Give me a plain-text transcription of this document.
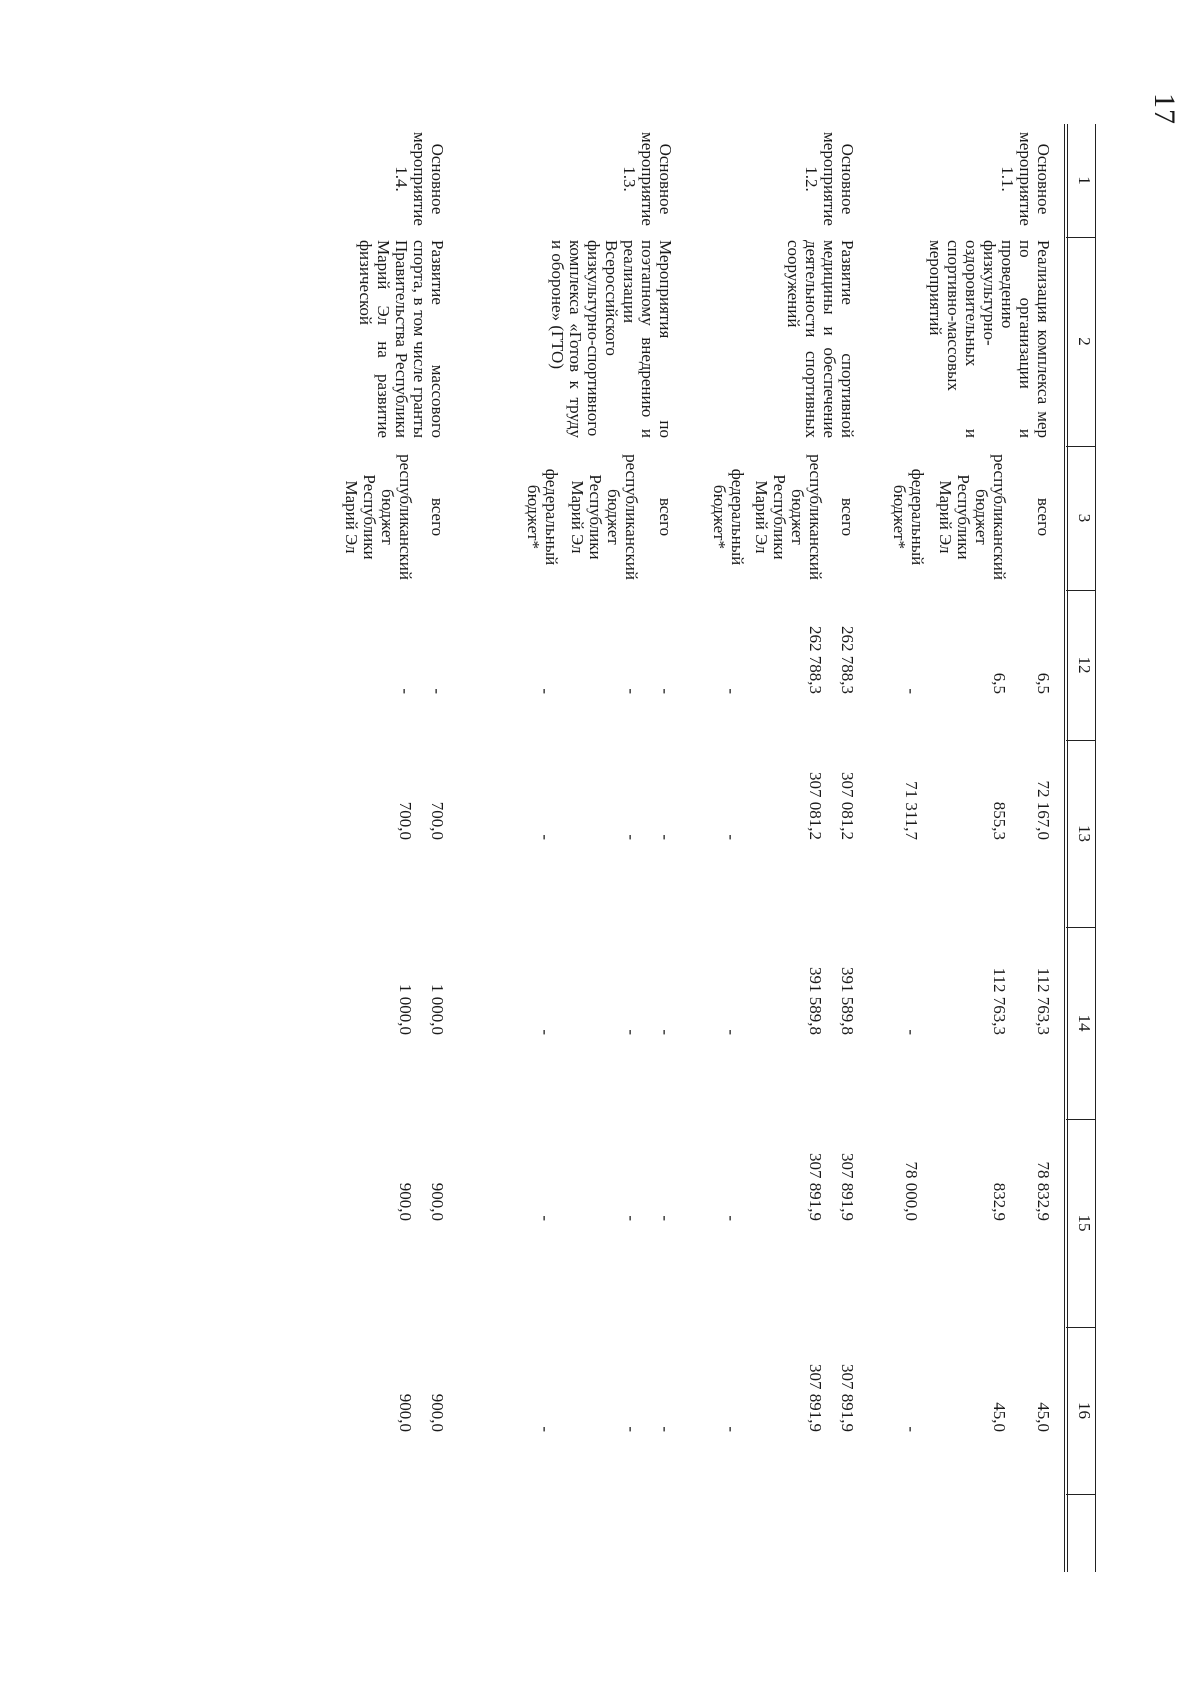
17
1
2
3
12
13
14
15
16
Основное мероприятие 1.1.
Реализация комплекса мер по организации и проведению физкультурно-оздоровительных и спортивно-массовых мероприятий
всего
6,5
72 167,0
112 763,3
78 832,9
45,0
республиканский бюджет Республики Марий Эл
6,5
855,3
112 763,3
832,9
45,0
федеральный бюджет*
-
71 311,7
-
78 000,0
-
Основное мероприятие 1.2.
Развитие спортивной медицины и обеспечение деятельности спортивных сооружений
всего
262 788,3
307 081,2
391 589,8
307 891,9
307 891,9
республиканский бюджет Республики Марий Эл
262 788,3
307 081,2
391 589,8
307 891,9
307 891,9
федеральный бюджет*
-
-
-
-
-
Основное мероприятие 1.3.
Мероприятия по поэтапному внедрению и реализации Всероссийского физкультурно-спортивного комплекса «Готов к труду и обороне» (ГТО)
всего
-
-
-
-
-
республиканский бюджет Республики Марий Эл
-
-
-
-
-
федеральный бюджет*
-
-
-
-
-
Основное мероприятие 1.4.
Развитие массового спорта, в том числе гранты Правительства Республики Марий Эл на развитие физической
всего
-
700,0
1 000,0
900,0
900,0
республиканский бюджет Республики Марий Эл
-
700,0
1 000,0
900,0
900,0
